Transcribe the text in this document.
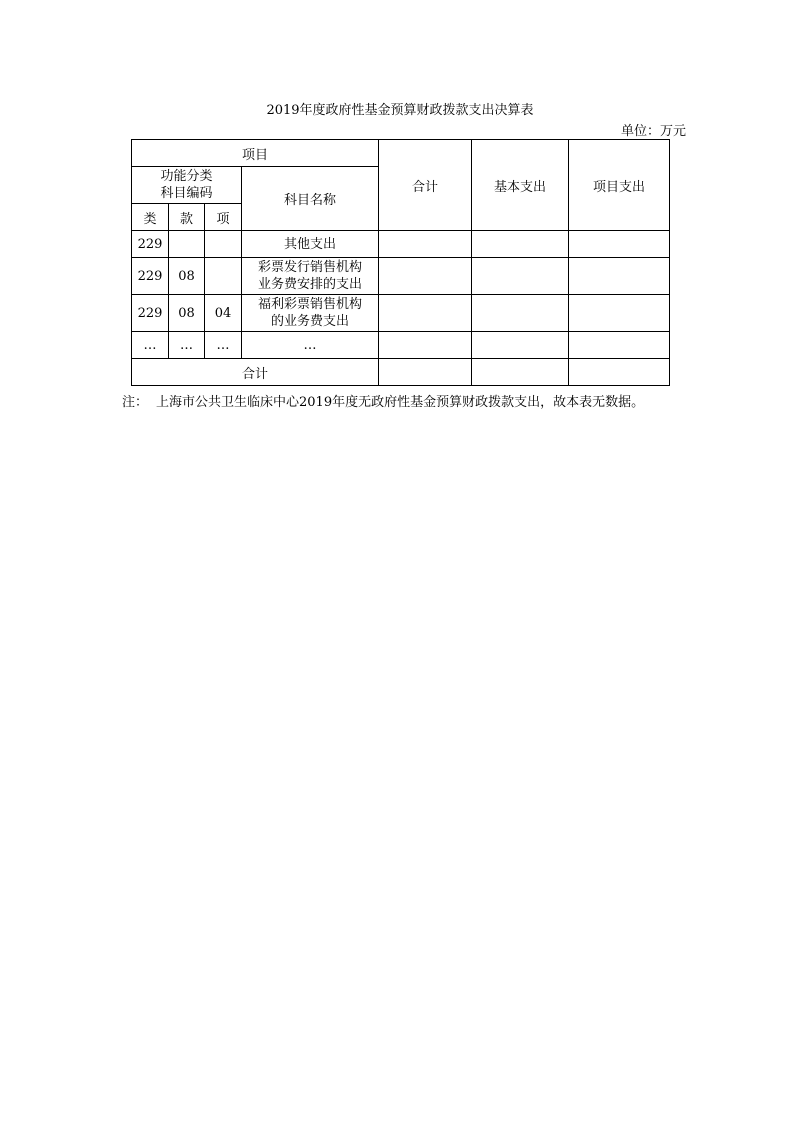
2019年度政府性基金预算财政拨款支出决算表
单位：万元
项目				合计	基本支出	项目支出

功能分类
科目编码			科目名称			
类	款	项				
229			其他支出			

229	08		彩票发行销售机构
业务费安排的支出			

229	08	04	福利彩票销售机构
的业务费支出			

…	…	…	…			

合计						
注： 上海市公共卫生临床中心2019年度无政府性基金预算财政拨款支出，故本表无数据。
